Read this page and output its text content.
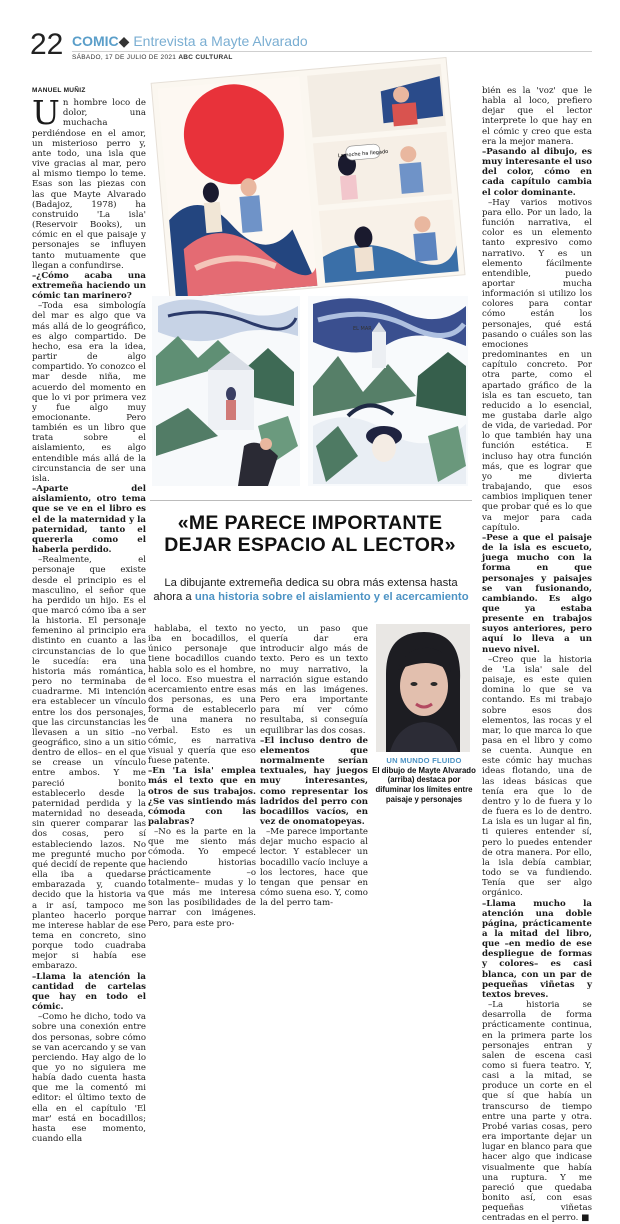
22 COMIC◆ Entrevista a Mayte Alvarado
SÁBADO, 17 DE JULIO DE 2021 ABC CULTURAL
La noche ha llegado
EL MAR
MANUEL MUÑIZ
U n hombre loco de dolor, una muchacha perdiéndose en el amor, un misterioso perro y, ante todo, una isla que vive gracias al mar, pero al mismo tiempo lo teme. Esas son las piezas con las que Mayte Alvarado (Badajoz, 1978) ha construido 'La isla' (Reservoir Books), un cómic en el que paisaje y personajes se influyen tanto mutuamente que llegan a confundirse.

–¿Cómo acaba una extremeña haciendo un cómic tan marinero?

–Toda esa simbología del mar es algo que va más allá de lo geográfico, es algo compartido. De hecho, esa era la idea, partir de algo compartido. Yo conozco el mar desde niña, me acuerdo del momento en que lo vi por primera vez y fue algo muy emocionante. Pero también es un libro que trata sobre el aislamiento, es algo entendible más allá de la circunstancia de ser una isla.

–Aparte del aislamiento, otro tema que se ve en el libro es el de la maternidad y la paternidad, tanto el quererla como el haberla perdido.

–Realmente, el personaje que existe desde el principio es el masculino, el señor que ha perdido un hijo. Es el que marcó cómo iba a ser la historia. El personaje femenino al principio era distinto en cuanto a las circunstancias de lo que le sucedía: era una historia más romántica, pero no terminaba de cuadrarme. Mi intención era establecer un vínculo entre los dos personajes, que las circunstancias les llevasen a un sitio –no geográfico, sino a un sitio dentro de ellos– en el que se crease un vínculo entre ambos. Y me pareció bonito establecerlo desde la paternidad perdida y la maternidad no deseada, sin querer comparar las dos cosas, pero sí estableciendo lazos. No me pregunté mucho por qué decidí de repente que ella iba a quedarse embarazada y, cuando decido que la historia va a ir así, tampoco me planteo hacerlo porque me interese hablar de ese tema en concreto, sino porque todo cuadraba mejor si había ese embarazo.

–Llama la atención la cantidad de cartelas que hay en todo el cómic.

–Como he dicho, todo va sobre una conexión entre dos personas, sobre cómo se van acercando y se van perciendo. Hay algo de lo que yo no siguiera me había dado cuenta hasta que me la comentó mi editor: el último texto de ella en el capítulo 'El mar' está en bocadillos; hasta ese momento, cuando ella

hablaba, el texto no iba en bocadillos, el único personaje que tiene bocadillos cuando habla solo es el hombre, el loco. Eso muestra el acercamiento entre esas dos personas, es una forma de establecerlo de una manera no verbal. Esto es un cómic, es narrativa visual y quería que eso fuese patente.

–En 'La isla' emplea más el texto que en otros de sus trabajos. ¿Se vas sintiendo más cómoda con las palabras?

–No es la parte en la que me siento más cómoda. Yo empecé haciendo historias prácticamente –o totalmente– mudas y lo que más me interesa son las posibilidades de narrar con imágenes. Pero, para este pro-

yecto, un paso que quería dar era introducir algo más de texto. Pero es un texto no muy narrativo, la narración sigue estando más en las imágenes. Pero era importante para mí ver cómo resultaba, si conseguía equilibrar las dos cosas.

–El incluso dentro de elementos que normalmente serían textuales, hay juegos muy interesantes, como representar los ladridos del perro con bocadillos vacíos, en vez de onomatopeyas.

–Me parece importante dejar mucho espacio al lector. Y establecer un bocadillo vacío incluye a los lectores, hace que tengan que pensar en cómo suena eso. Y, como la del perro tam-

bién es la 'voz' que le habla al loco, prefiero dejar que el lector interprete lo que hay en el cómic y creo que esta era la mejor manera.

–Pasando al dibujo, es muy interesante el uso del color, cómo en cada capítulo cambia el color dominante.

–Hay varios motivos para ello. Por un lado, la función narrativa, el color es un elemento tanto expresivo como narrativo. Y es un elemento fácilmente entendible, puedo aportar mucha información si utilizo los colores para contar cómo están los personajes, qué está pasando o cuáles son las emociones predominantes en un capítulo concreto. Por otra parte, como el apartado gráfico de la isla es tan escueto, tan reducido a lo esencial, me gustaba darle algo de vida, de variedad. Por lo que también hay una función estética. E incluso hay otra función más, que es lograr que yo me divierta trabajando, que esos cambios impliquen tener que probar qué es lo que va mejor para cada capítulo.

–Pese a que el paisaje de la isla es escueto, juega mucho con la forma en que personajes y paisajes se van fusionando, cambiando. Es algo que ya estaba presente en trabajos suyos anteriores, pero aquí lo lleva a un nuevo nivel.

–Creo que la historia de 'La isla' sale del paisaje, es este quien domina lo que se va contando. Es mi trabajo sobre esos dos elementos, las rocas y el mar, lo que marca lo que pasa en el libro y como se cuenta. Aunque en este cómic hay muchas ideas flotando, una de las ideas básicas que tenía era que lo de dentro y lo de fuera y lo de fuera es lo de dentro. La isla es un lugar al fin, ti quieres entender sí, pero lo puedes entender de otra manera. Por ello, la isla debía cambiar, todo se va fundiendo. Tenía que ser algo orgánico.

–Llama mucho la atención una doble página, prácticamente a la mitad del libro, que –en medio de ese despliegue de formas y colores– es casi blanca, con un par de pequeñas viñetas y textos breves.

–La historia se desarrolla de forma prácticamente continua, en la primera parte los personajes entran y salen de escena casi como si fuera teatro. Y, casi a la mitad, se produce un corte en el que sí que había un transcurso de tiempo entre una parte y otra. Probé varias cosas, pero era importante dejar un lugar en blanco para que hacer algo que indicase visualmente que había una ruptura. Y me pareció que quedaba bonito así, con esas pequeñas viñetas centradas en el perro. ■

«ME PARECE IMPORTANTE
DEJAR ESPACIO AL LECTOR»
La dibujante extremeña dedica su obra más extensa hasta ahora a una historia sobre el aislamiento y el acercamiento
UN MUNDO FLUIDO
El dibujo de Mayte Alvarado (arriba) destaca por difuminar los límites entre paisaje y personajes
